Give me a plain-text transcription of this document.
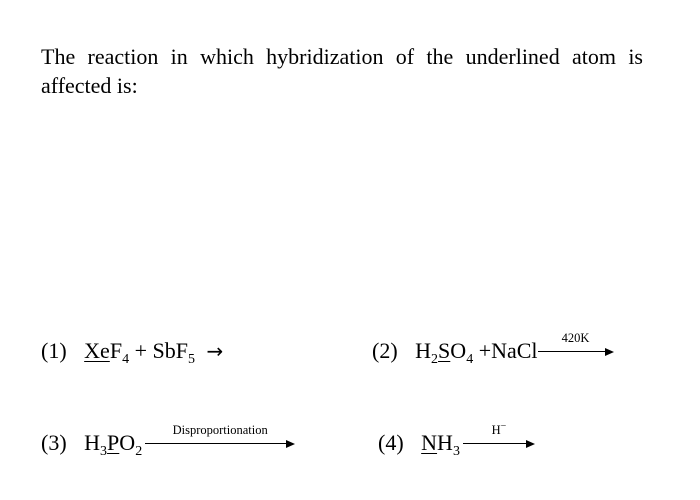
The reaction in which hybridization of the underlined atom is affected is:

(1) XeF$_4$ + SbF$_5$ →	(2) $H_2SO_4$ +NaCl
420K
(3) $H_3PO_2$
Disproportionation
(4) $NH_3$
H−
